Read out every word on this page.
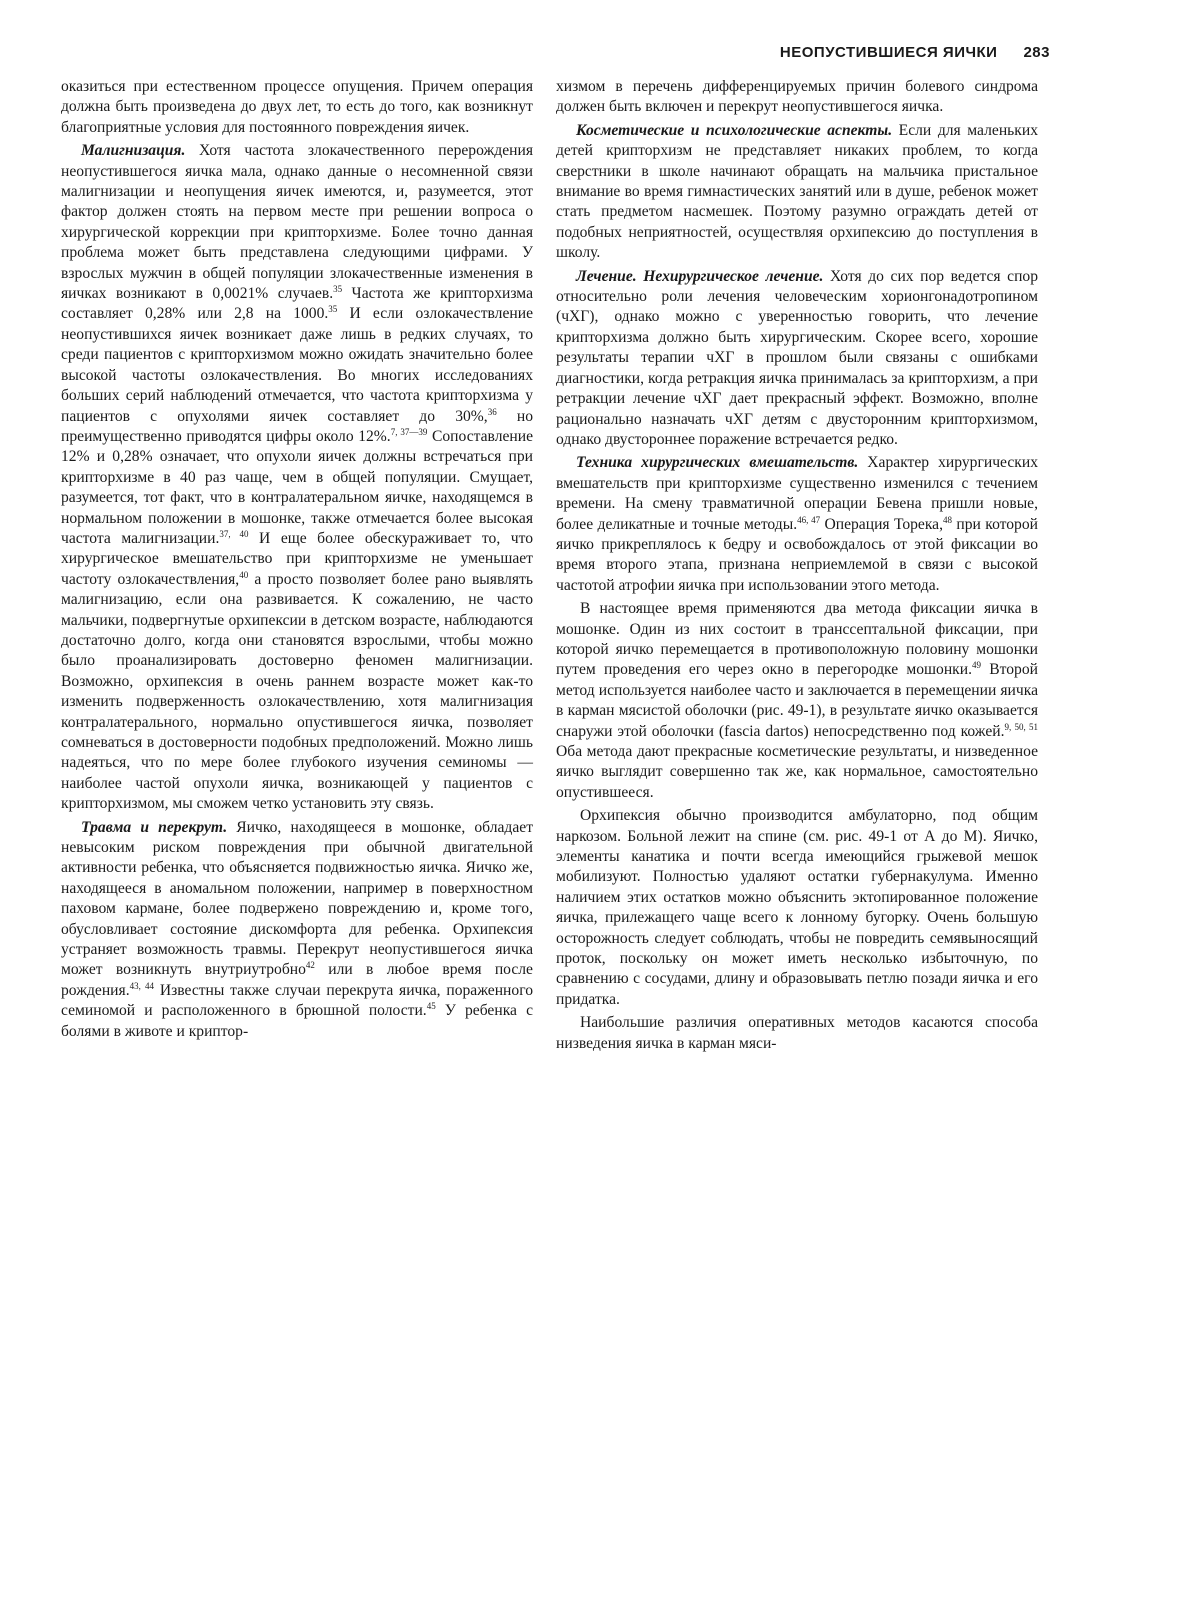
НЕОПУСТИВШИЕСЯ ЯИЧКИ 283

оказиться при естественном процессе опущения. Причем операция должна быть произведена до двух лет, то есть до того, как возникнут благоприятные условия для постоянного повреждения яичек.

Малигнизация. Хотя частота злокачественного перерождения неопустившегося яичка мала, однако данные о несомненной связи малигнизации и неопущения яичек имеются, и, разумеется, этот фактор должен стоять на первом месте при решении вопроса о хирургической коррекции при крипторхизме. Более точно данная проблема может быть представлена следующими цифрами. У взрослых мужчин в общей популяции злокачественные изменения в яичках возникают в 0,0021% случаев.$^{35}$ Частота же крипторхизма составляет 0,28% или 2,8 на 1000.35 И если озлокачествление неопустившихся яичек возникает даже лишь в редких случаях, то среди пациентов с крипторхизмом можно ожидать значительно более высокой частоты озлокачествления. Во многих исследованиях больших серий наблюдений отмечается, что частота крипторхизма у пациентов с опухолями яичек составляет до 30%,$^{36}$ но преимущественно приводятся цифры около 12%.$^{7, 37—39}$ Сопоставление 12% и 0,28% означает, что опухоли яичек должны встречаться при крипторхизме в 40 раз чаще, чем в общей популяции. Смущает, разумеется, тот факт, что в контралатеральном яичке, находящемся в нормальном положении в мошонке, также отмечается более высокая частота малигнизации.$^{37, 40}$ И еще более обескураживает то, что хирургическое вмешательство при крипторхизме не уменьшает частоту озлокачествления,$^{40}$ а просто позволяет более рано выявлять малигнизацию, если она развивается. К сожалению, не часто мальчики, подвергнутые орхипексии в детском возрасте, наблюдаются достаточно долго, когда они становятся взрослыми, чтобы можно было проанализировать достоверно феномен малигнизации. Возможно, орхипексия в очень раннем возрасте может как-то изменить подверженность озлокачествлению, хотя малигнизация контралатерального, нормально опустившегося яичка, позволяет сомневаться в достоверности подобных предположений. Можно лишь надеяться, что по мере более глубокого изучения семиномы — наиболее частой опухоли яичка, возникающей у пациентов с крипторхизмом, мы сможем четко установить эту связь.

Травма и перекрут. Яичко, находящееся в мошонке, обладает невысоким риском повреждения при обычной двигательной активности ребенка, что объясняется подвижностью яичка. Яичко же, находящееся в аномальном положении, например в поверхностном паховом кармане, более подвержено повреждению и, кроме того, обусловливает состояние дискомфорта для ребенка. Орхипексия устраняет возможность травмы. Перекрут неопустившегося яичка может возникнуть внутриутробно$^{42}$ или в любое время после рождения.$^{43, 44}$ Известны также случаи перекрута яичка, пораженного семиномой и расположенного в брюшной полости.$^{45}$ У ребенка с болями в животе и криптор-

хизмом в перечень дифференцируемых причин болевого синдрома должен быть включен и перекрут неопустившегося яичка.

Косметические и психологические аспекты. Если для маленьких детей крипторхизм не представляет никаких проблем, то когда сверстники в школе начинают обращать на мальчика пристальное внимание во время гимнастических занятий или в душе, ребенок может стать предметом насмешек. Поэтому разумно ограждать детей от подобных неприятностей, осуществляя орхипексию до поступления в школу.

Лечение. Нехирургическое лечение. Хотя до сих пор ведется спор относительно роли лечения человеческим хорионгонадотропином (чХГ), однако можно с уверенностью говорить, что лечение крипторхизма должно быть хирургическим. Скорее всего, хорошие результаты терапии чХГ в прошлом были связаны с ошибками диагностики, когда ретракция яичка принималась за крипторхизм, а при ретракции лечение чХГ дает прекрасный эффект. Возможно, вполне рационально назначать чХГ детям с двусторонним крипторхизмом, однако двустороннее поражение встречается редко.

Техника хирургических вмешательств. Характер хирургических вмешательств при крипторхизме существенно изменился с течением времени. На смену травматичной операции Бевена пришли новые, более деликатные и точные методы.$^{46, 47}$ Операция Торека,$^{48}$ при которой яичко прикреплялось к бедру и освобождалось от этой фиксации во время второго этапа, признана неприемлемой в связи с высокой частотой атрофии яичка при использовании этого метода.

В настоящее время применяются два метода фиксации яичка в мошонке. Один из них состоит в транссептальной фиксации, при которой яичко перемещается в противоположную половину мошонки путем проведения его через окно в перегородке мошонки.$^{49}$ Второй метод используется наиболее часто и заключается в перемещении яичка в карман мясистой оболочки (рис. 49-1), в результате яичко оказывается снаружи этой оболочки (fascia dartos) непосредственно под кожей.$^{9, 50, 51}$ Оба метода дают прекрасные косметические результаты, и низведенное яичко выглядит совершенно так же, как нормальное, самостоятельно опустившееся.

Орхипексия обычно производится амбулаторно, под общим наркозом. Больной лежит на спине (см. рис. 49-1 от А до М). Яичко, элементы канатика и почти всегда имеющийся грыжевой мешок мобилизуют. Полностью удаляют остатки губернакулума. Именно наличием этих остатков можно объяснить эктопированное положение яичка, прилежащего чаще всего к лонному бугорку. Очень большую осторожность следует соблюдать, чтобы не повредить семявыносящий проток, поскольку он может иметь несколько избыточную, по сравнению с сосудами, длину и образовывать петлю позади яичка и его придатка.

Наибольшие различия оперативных методов касаются способа низведения яичка в карман мяси-
